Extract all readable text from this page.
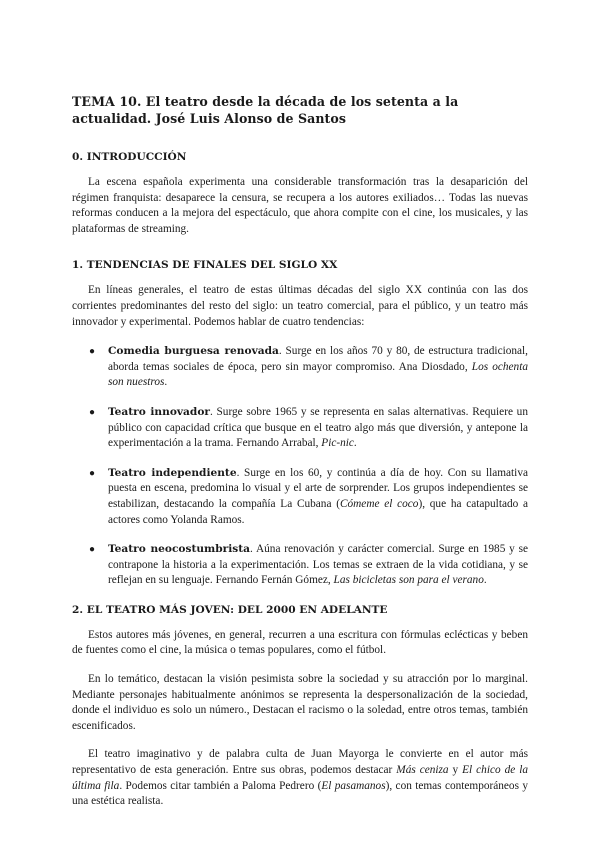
TEMA 10. El teatro desde la década de los setenta a la actualidad. José Luis Alonso de Santos
0. INTRODUCCIÓN

La escena española experimenta una considerable transformación tras la desaparición del régimen franquista: desaparece la censura, se recupera a los autores exiliados… Todas las nuevas reformas conducen a la mejora del espectáculo, que ahora compite con el cine, los musicales, y las plataformas de streaming.

1. TENDENCIAS DE FINALES DEL SIGLO XX

En líneas generales, el teatro de estas últimas décadas del siglo XX continúa con las dos corrientes predominantes del resto del siglo: un teatro comercial, para el público, y un teatro más innovador y experimental. Podemos hablar de cuatro tendencias:

● Comedia burguesa renovada. Surge en los años 70 y 80, de estructura tradicional, aborda temas sociales de época, pero sin mayor compromiso. Ana Diosdado, Los ochenta son nuestros.
● Teatro innovador. Surge sobre 1965 y se representa en salas alternativas. Requiere un público con capacidad crítica que busque en el teatro algo más que diversión, y antepone la experimentación a la trama. Fernando Arrabal, Pic-nic.
● Teatro independiente. Surge en los 60, y continúa a día de hoy. Con su llamativa puesta en escena, predomina lo visual y el arte de sorprender. Los grupos independientes se estabilizan, destacando la compañía La Cubana (Cómeme el coco), que ha catapultado a actores como Yolanda Ramos.
● Teatro neocostumbrista. Aúna renovación y carácter comercial. Surge en 1985 y se contrapone la historia a la experimentación. Los temas se extraen de la vida cotidiana, y se reflejan en su lenguaje. Fernando Fernán Gómez, Las bicicletas son para el verano.
2. EL TEATRO MÁS JOVEN: DEL 2000 EN ADELANTE

Estos autores más jóvenes, en general, recurren a una escritura con fórmulas eclécticas y beben de fuentes como el cine, la música o temas populares, como el fútbol.

En lo temático, destacan la visión pesimista sobre la sociedad y su atracción por lo marginal. Mediante personajes habitualmente anónimos se representa la despersonalización de la sociedad, donde el individuo es solo un número., Destacan el racismo o la soledad, entre otros temas, también escenificados.

El teatro imaginativo y de palabra culta de Juan Mayorga le convierte en el autor más representativo de esta generación. Entre sus obras, podemos destacar Más ceniza y El chico de la última fila. Podemos citar también a Paloma Pedrero (El pasamanos), con temas contemporáneos y una estética realista.
